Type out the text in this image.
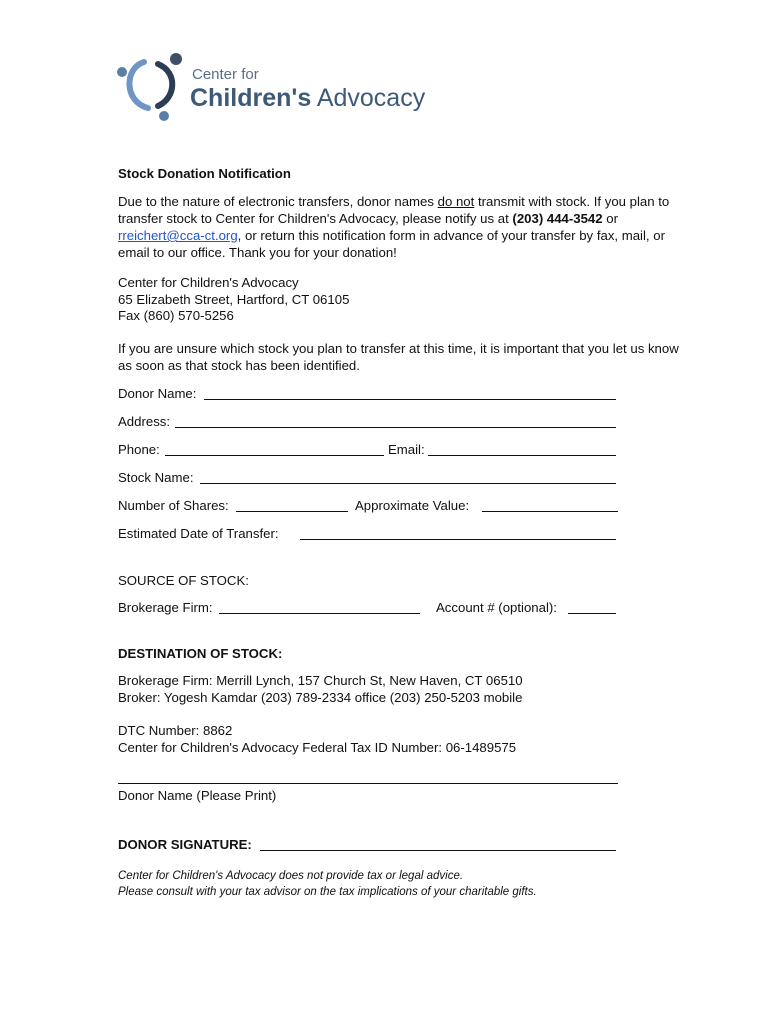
Center for
Children's Advocacy
Stock Donation Notification
Due to the nature of electronic transfers, donor names do not transmit with stock. If you plan to transfer stock to Center for Children's Advocacy, please notify us at (203) 444-3542 or rreichert@cca-ct.org, or return this notification form in advance of your transfer by fax, mail, or email to our office. Thank you for your donation!
Center for Children's Advocacy
65 Elizabeth Street, Hartford, CT 06105
Fax (860) 570-5256
If you are unsure which stock you plan to transfer at this time, it is important that you let us know as soon as that stock has been identified.
Donor Name:
Address:
Phone:	Email:
Stock Name:
Number of Shares:	Approximate Value:
Estimated Date of Transfer:
SOURCE OF STOCK:
Brokerage Firm:	Account # (optional):
DESTINATION OF STOCK:
Brokerage Firm: Merrill Lynch, 157 Church St, New Haven, CT 06510
Broker: Yogesh Kamdar (203) 789-2334 office (203) 250-5203 mobile
DTC Number: 8862
Center for Children's Advocacy Federal Tax ID Number: 06-1489575
Donor Name (Please Print)
DONOR SIGNATURE:
Center for Children's Advocacy does not provide tax or legal advice.
Please consult with your tax advisor on the tax implications of your charitable gifts.
